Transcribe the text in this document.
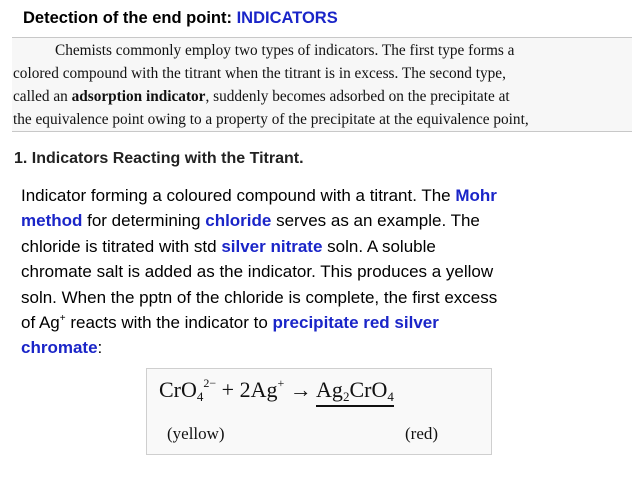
Detection of the end point: INDICATORS
Chemists commonly employ two types of indicators. The first type forms a
colored compound with the titrant when the titrant is in excess. The second type,
called an adsorption indicator, suddenly becomes adsorbed on the precipitate at
the equivalence point owing to a property of the precipitate at the equivalence point,
1. Indicators Reacting with the Titrant.
Indicator forming a coloured compound with a titrant. The Mohr
method for determining chloride serves as an example. The
chloride is titrated with std silver nitrate soln. A soluble
chromate salt is added as the indicator. This produces a yellow
soln. When the pptn of the chloride is complete, the first excess
of Ag+ reacts with the indicator to precipitate red silver
chromate:
$CrO_4^{2-} + 2Ag^+ \to Ag_2CrO_4$
(yellow)	(red)
